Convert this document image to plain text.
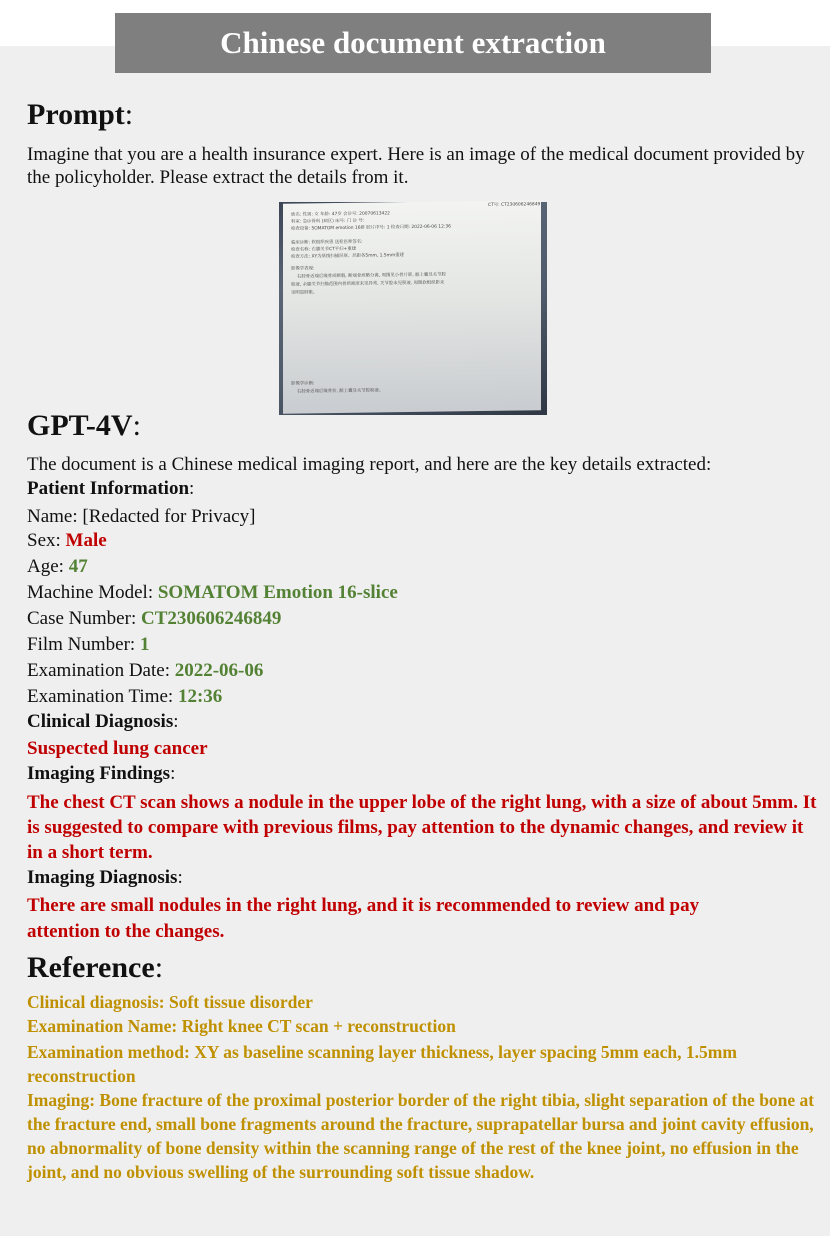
Chinese document extraction
Prompt:
Imagine that you are a health insurance expert. Here is an image of the medical document provided by the policyholder. Please extract the details from it.
CT号: CT230606246849
姓名: 性别: 女 年龄: 47岁 会诊号: 20070613422
科室: 急诊骨科 (病区) 床号: 门 诊 号:
检查设备: SOMATOM emotion 16排 胶片序号: 1 检查日期: 2022-06-06 12:36
临床诊断: 软组织疾患 送检医师签名:
检查名称: 右膝关节CT平扫+重建
检查方法: XY为基线扫描层厚、层距各5mm, 1.5mm重建
影像学表现:
右胫骨近端后缘骨质断裂, 断端骨质略分离, 周围见小骨片影, 髌上囊及关节腔
积液, 余膝关节扫描范围内骨质密度未见异常, 关节腔未见积液, 周围软组织影未
见明显肿胀。
影像学诊断:
右胫骨近端后缘骨折, 髌上囊及关节腔积液。
GPT-4V:
The document is a Chinese medical imaging report, and here are the key details extracted:
Patient Information:
Name: [Redacted for Privacy]
Sex: Male
Age: 47
Machine Model: SOMATOM Emotion 16-slice
Case Number: CT230606246849
Film Number: 1
Examination Date: 2022-06-06
Examination Time: 12:36
Clinical Diagnosis:
Suspected lung cancer
Imaging Findings:
The chest CT scan shows a nodule in the upper lobe of the right lung, with a size of about 5mm. It is suggested to compare with previous films, pay attention to the dynamic changes, and review it in a short term.
Imaging Diagnosis:
There are small nodules in the right lung, and it is recommended to review and pay attention to the changes.
Reference:
Clinical diagnosis: Soft tissue disorder
Examination Name: Right knee CT scan + reconstruction
Examination method: XY as baseline scanning layer thickness, layer spacing 5mm each, 1.5mm reconstruction
Imaging: Bone fracture of the proximal posterior border of the right tibia, slight separation of the bone at the fracture end, small bone fragments around the fracture, suprapatellar bursa and joint cavity effusion, no abnormality of bone density within the scanning range of the rest of the knee joint, no effusion in the joint, and no obvious swelling of the surrounding soft tissue shadow.
